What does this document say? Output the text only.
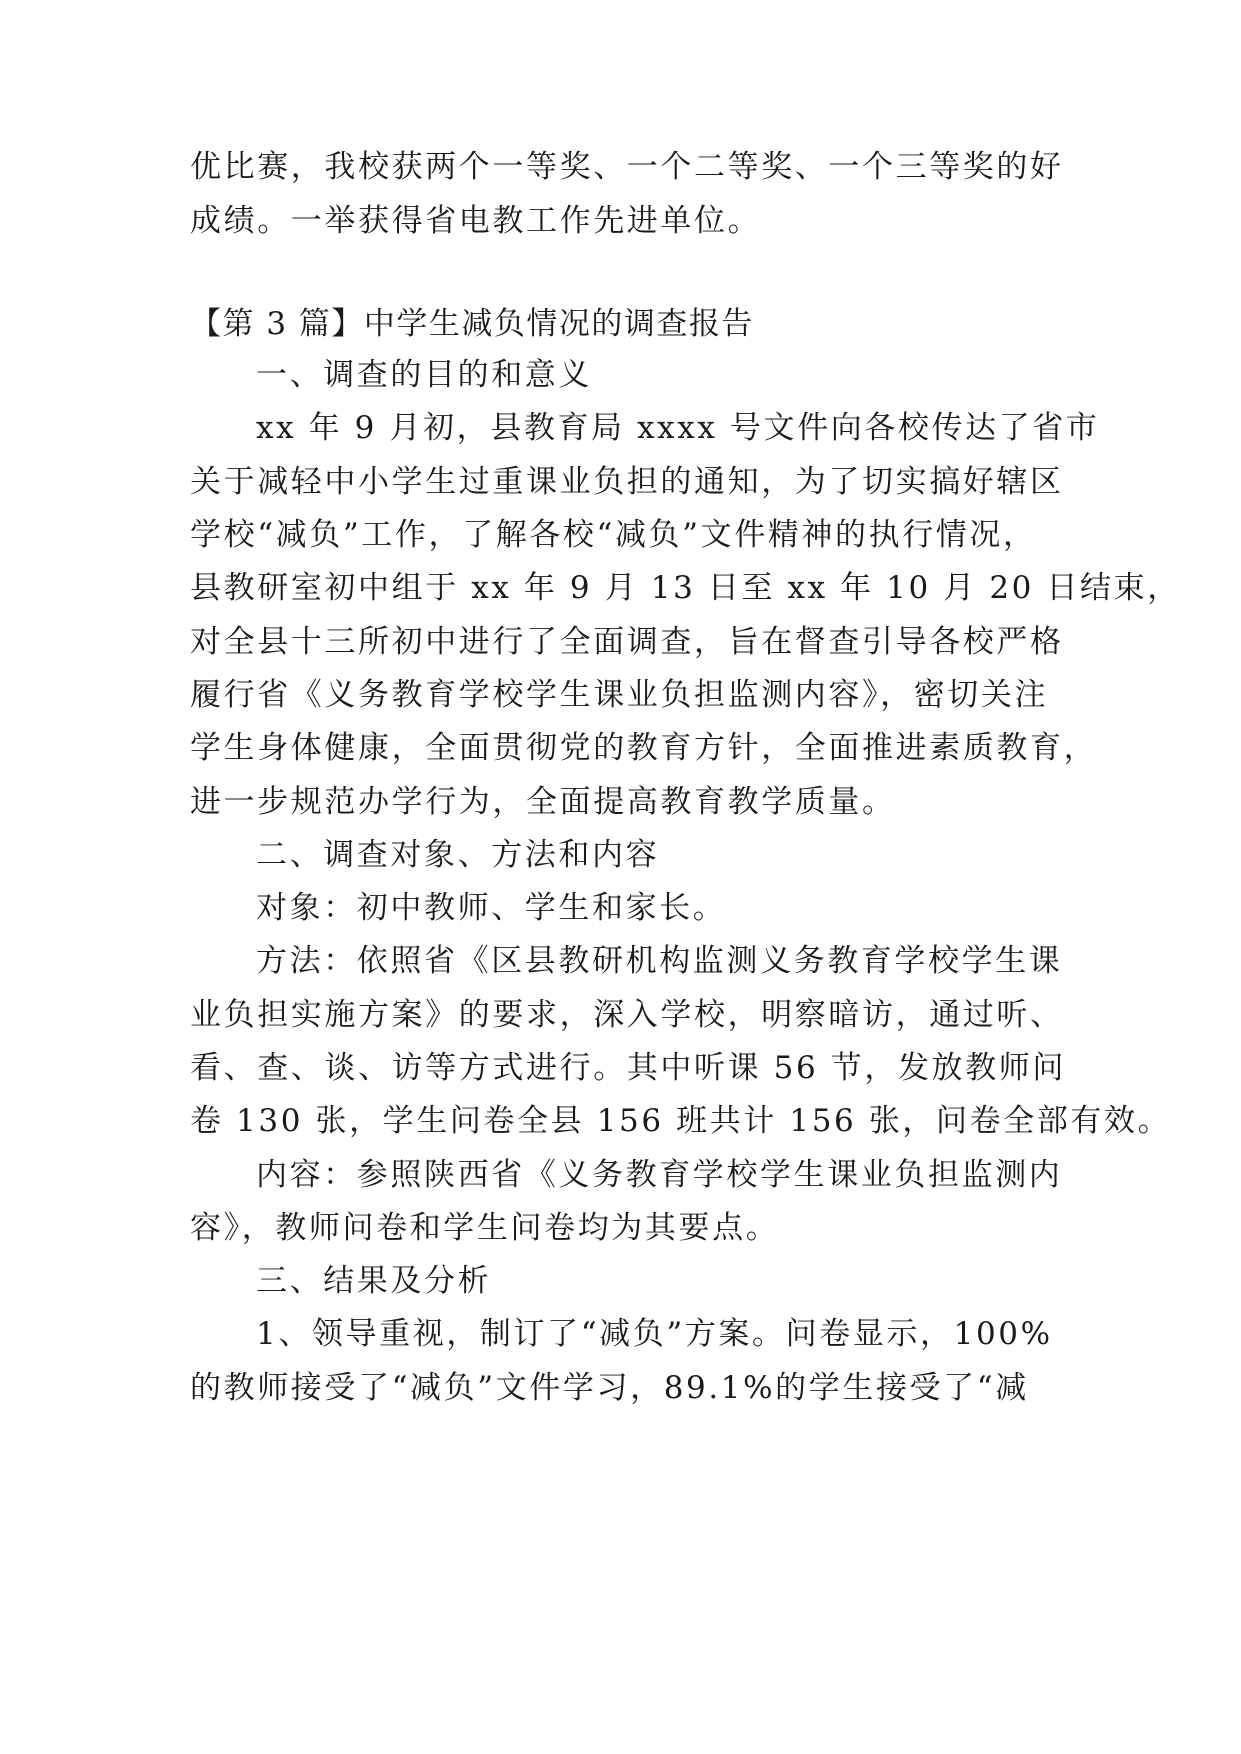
优比赛，我校获两个一等奖、一个二等奖、一个三等奖的好
成绩。一举获得省电教工作先进单位。
【第 3 篇】中学生减负情况的调查报告
一、调查的目的和意义
xx 年 9 月初，县教育局 xxxx 号文件向各校传达了省市
关于减轻中小学生过重课业负担的通知，为了切实搞好辖区
学校“减负”工作，了解各校“减负”文件精神的执行情况，
县教研室初中组于 xx 年 9 月 13 日至 xx 年 10 月 20 日结束，
对全县十三所初中进行了全面调查，旨在督查引导各校严格
履行省《义务教育学校学生课业负担监测内容》，密切关注
学生身体健康，全面贯彻党的教育方针，全面推进素质教育，
进一步规范办学行为，全面提高教育教学质量。
二、调查对象、方法和内容
对象：初中教师、学生和家长。
方法：依照省《区县教研机构监测义务教育学校学生课
业负担实施方案》的要求，深入学校，明察暗访，通过听、
看、查、谈、访等方式进行。其中听课 56 节，发放教师问
卷 130 张，学生问卷全县 156 班共计 156 张，问卷全部有效。
内容：参照陕西省《义务教育学校学生课业负担监测内
容》，教师问卷和学生问卷均为其要点。
三、结果及分析
1、领导重视，制订了“减负”方案。问卷显示，100%
的教师接受了“减负”文件学习，89.1%的学生接受了“减
